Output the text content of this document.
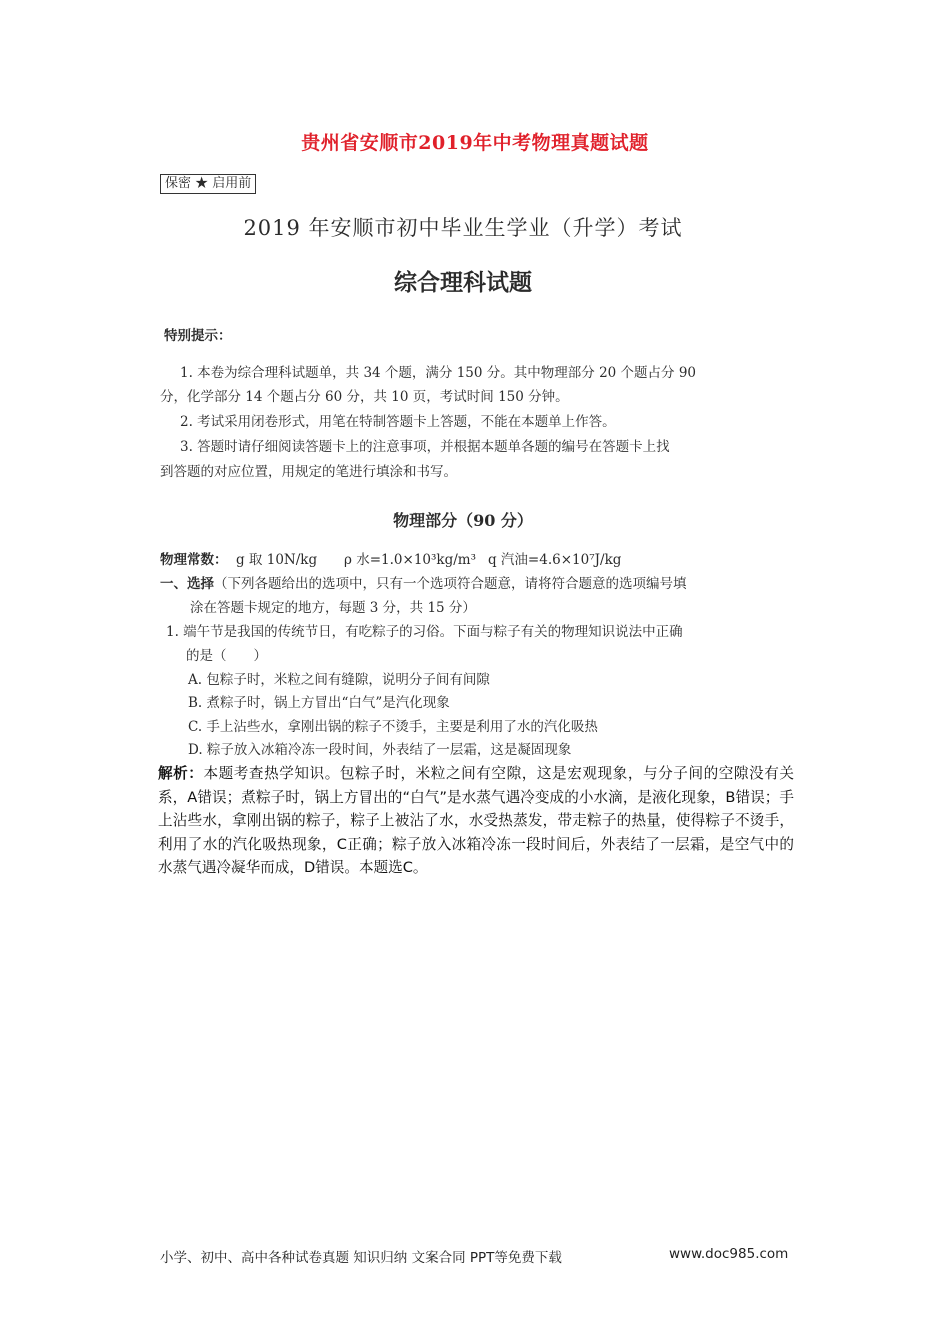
贵州省安顺市2019年中考物理真题试题
保密 ★ 启用前
2019 年安顺市初中毕业生学业（升学）考试
综合理科试题
特别提示：
1. 本卷为综合理科试题单，共 34 个题，满分 150 分。其中物理部分 20 个题占分 90
分，化学部分 14 个题占分 60 分，共 10 页，考试时间 150 分钟。
2. 考试采用闭卷形式，用笔在特制答题卡上答题，不能在本题单上作答。
3. 答题时请仔细阅读答题卡上的注意事项，并根据本题单各题的编号在答题卡上找
到答题的对应位置，用规定的笔进行填涂和书写。
物理部分（90 分）
物理常数： g 取 10N/kg ρ 水=1.0×10³kg/m³ q 汽油=4.6×10⁷J/kg
一、选择（下列各题给出的选项中，只有一个选项符合题意，请将符合题意的选项编号填
涂在答题卡规定的地方，每题 3 分，共 15 分）
1. 端午节是我国的传统节日，有吃粽子的习俗。下面与粽子有关的物理知识说法中正确
的是（　　）
A. 包粽子时，米粒之间有缝隙，说明分子间有间隙
B. 煮粽子时，锅上方冒出“白气”是汽化现象
C. 手上沾些水，拿刚出锅的粽子不烫手，主要是利用了水的汽化吸热
D. 粽子放入冰箱冷冻一段时间，外表结了一层霜，这是凝固现象
解析：本题考查热学知识。包粽子时，米粒之间有空隙，这是宏观现象，与分子间的空隙没有关系，A错误；煮粽子时，锅上方冒出的“白气”是水蒸气遇冷变成的小水滴，是液化现象，B错误；手上沾些水，拿刚出锅的粽子，粽子上被沾了水，水受热蒸发，带走粽子的热量，使得粽子不烫手，利用了水的汽化吸热现象，C正确；粽子放入冰箱冷冻一段时间后，外表结了一层霜，是空气中的水蒸气遇冷凝华而成，D错误。本题选C。
小学、初中、高中各种试卷真题 知识归纳 文案合同 PPT等免费下载	www.doc985.com
